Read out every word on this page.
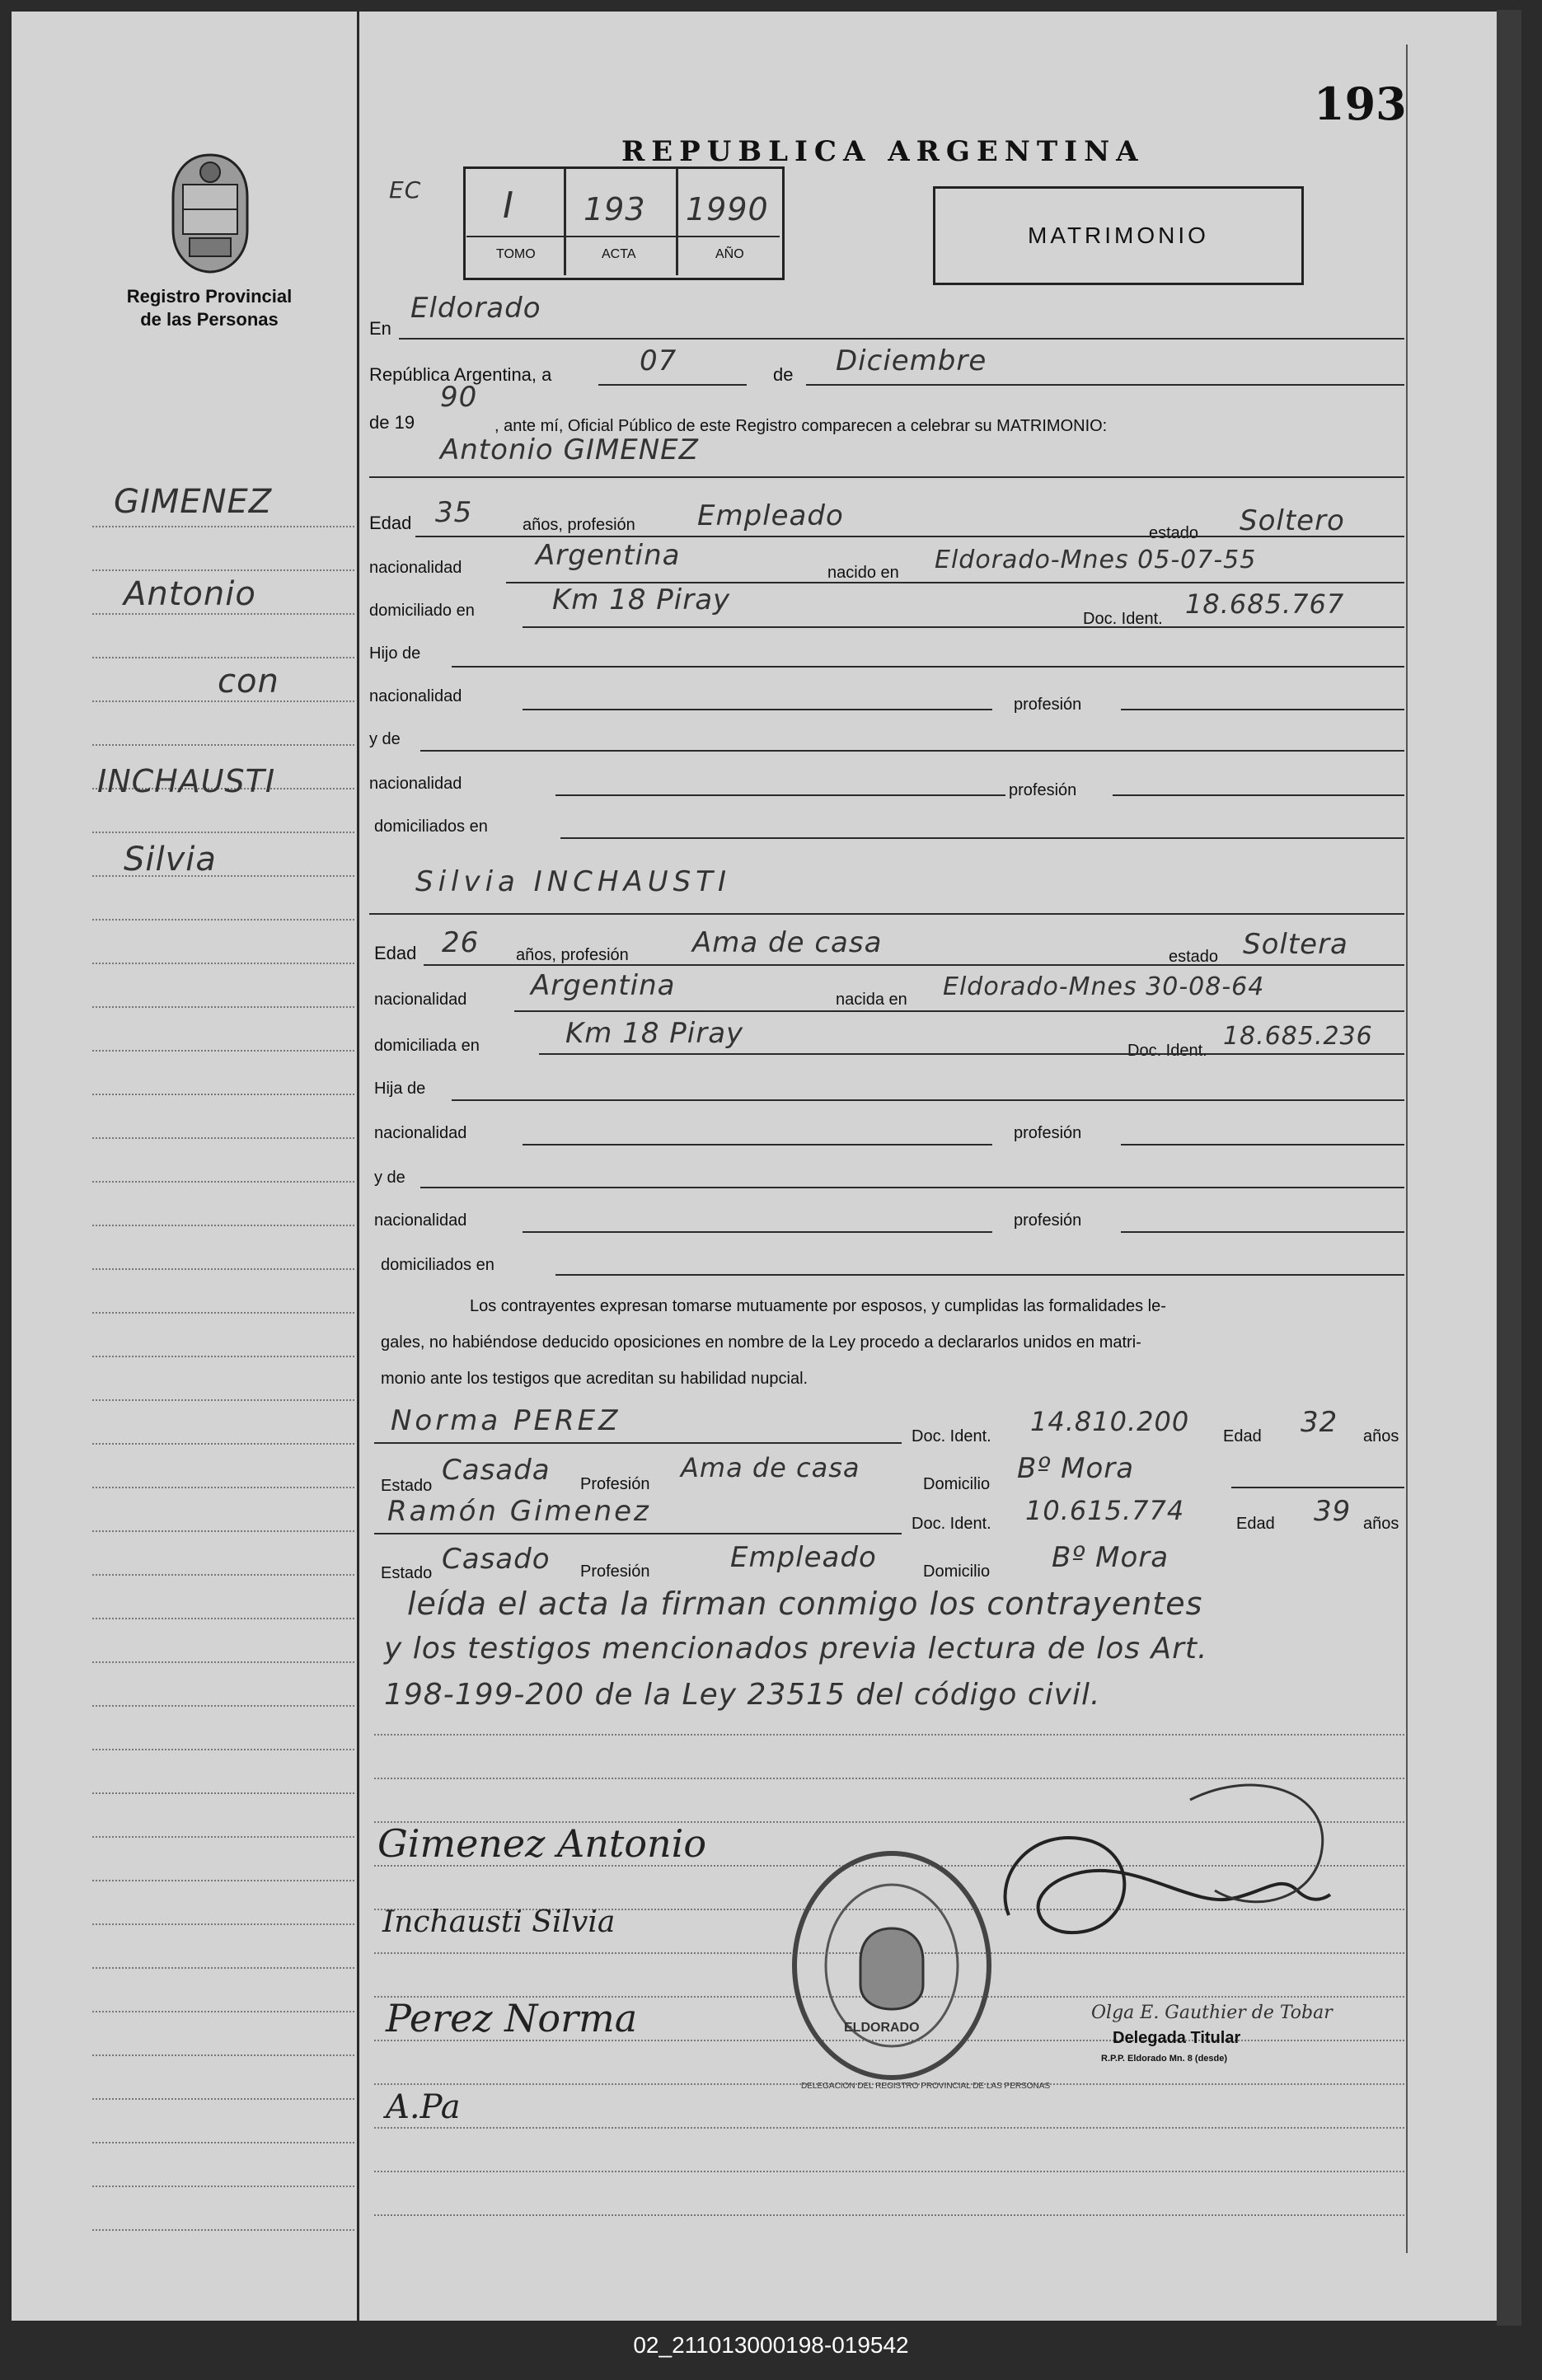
193
Registro Provincial
de las Personas
REPUBLICA ARGENTINA
EC I 193 1990
TOMO	ACTA	AÑO
MATRIMONIO
GIMENEZ
Antonio
con
INCHAUSTI
Silvia
En
Eldorado
República Argentina, a	07	de Diciembre
de 19
90
, ante mí, Oficial Público de este Registro comparecen a celebrar su MATRIMONIO:
Antonio GIMENEZ
Edad 35	años, profesión Empleado
estado Soltero
nacionalidad	Argentina
nacido en Eldorado-Mnes 05-07-55
domiciliado en	Km 18 Piray
Doc. Ident. 18.685.767
Hijo de
nacionalidad	profesión
y de
nacionalidad	profesión
domiciliados en
Silvia INCHAUSTI
Edad 26 años, profesión Ama de casa	estado Soltera
nacionalidad Argentina	nacida en Eldorado-Mnes 30-08-64
domiciliada en	Km 18 Piray
Doc. Ident. 18.685.236
Hija de
nacionalidad	profesión
y de
nacionalidad	profesión
domiciliados en
Los contrayentes expresan tomarse mutuamente por esposos, y cumplidas las formalidades le-
gales, no habiéndose deducido oposiciones en nombre de la Ley procedo a declararlos unidos en matri-
monio ante los testigos que acreditan su habilidad nupcial.
Norma PEREZ	Doc. Ident. 14.810.200 Edad 32 años
Estado Casada Profesión
Ama de casa
Domicilio Bº Mora
Ramón Gimenez	Doc. Ident. 10.615.774	Edad 39 años
Estado Casado Profesión	Empleado	Domicilio Bº Mora
leída el acta la firman conmigo los contrayentes
y los testigos mencionados previa lectura de los Art.
198-199-200 de la Ley 23515 del código civil.
Gimenez Antonio
Inchausti Silvia
Perez Norma
A.Pa
DELEGACION DEL REGISTRO PROVINCIAL DE LAS PERSONAS
ELDORADO
Olga E. Gauthier de Tobar
Delegada Titular
R.P.P. Eldorado Mn. 8 (desde)
02_211013000198-019542
